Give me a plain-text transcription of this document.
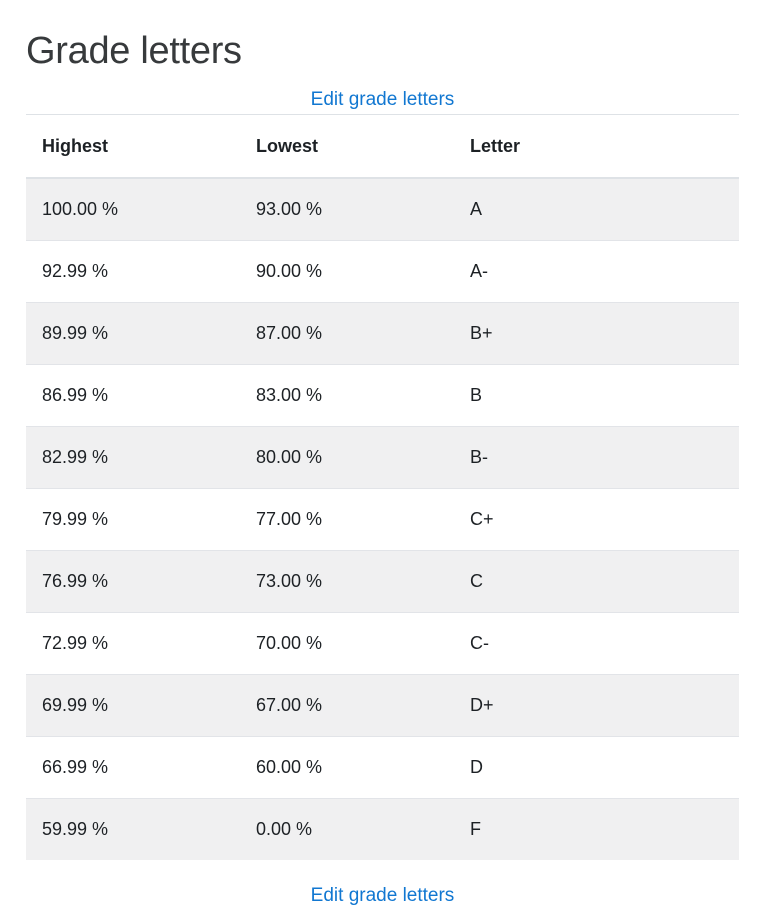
Grade letters
Edit grade letters
Highest	Lowest	Letter
100.00 %	93.00 %	A
92.99 %	90.00 %	A-
89.99 %	87.00 %	B+
86.99 %	83.00 %	B
82.99 %	80.00 %	B-
79.99 %	77.00 %	C+
76.99 %	73.00 %	C
72.99 %	70.00 %	C-
69.99 %	67.00 %	D+
66.99 %	60.00 %	D
59.99 %	0.00 %	F
Edit grade letters
